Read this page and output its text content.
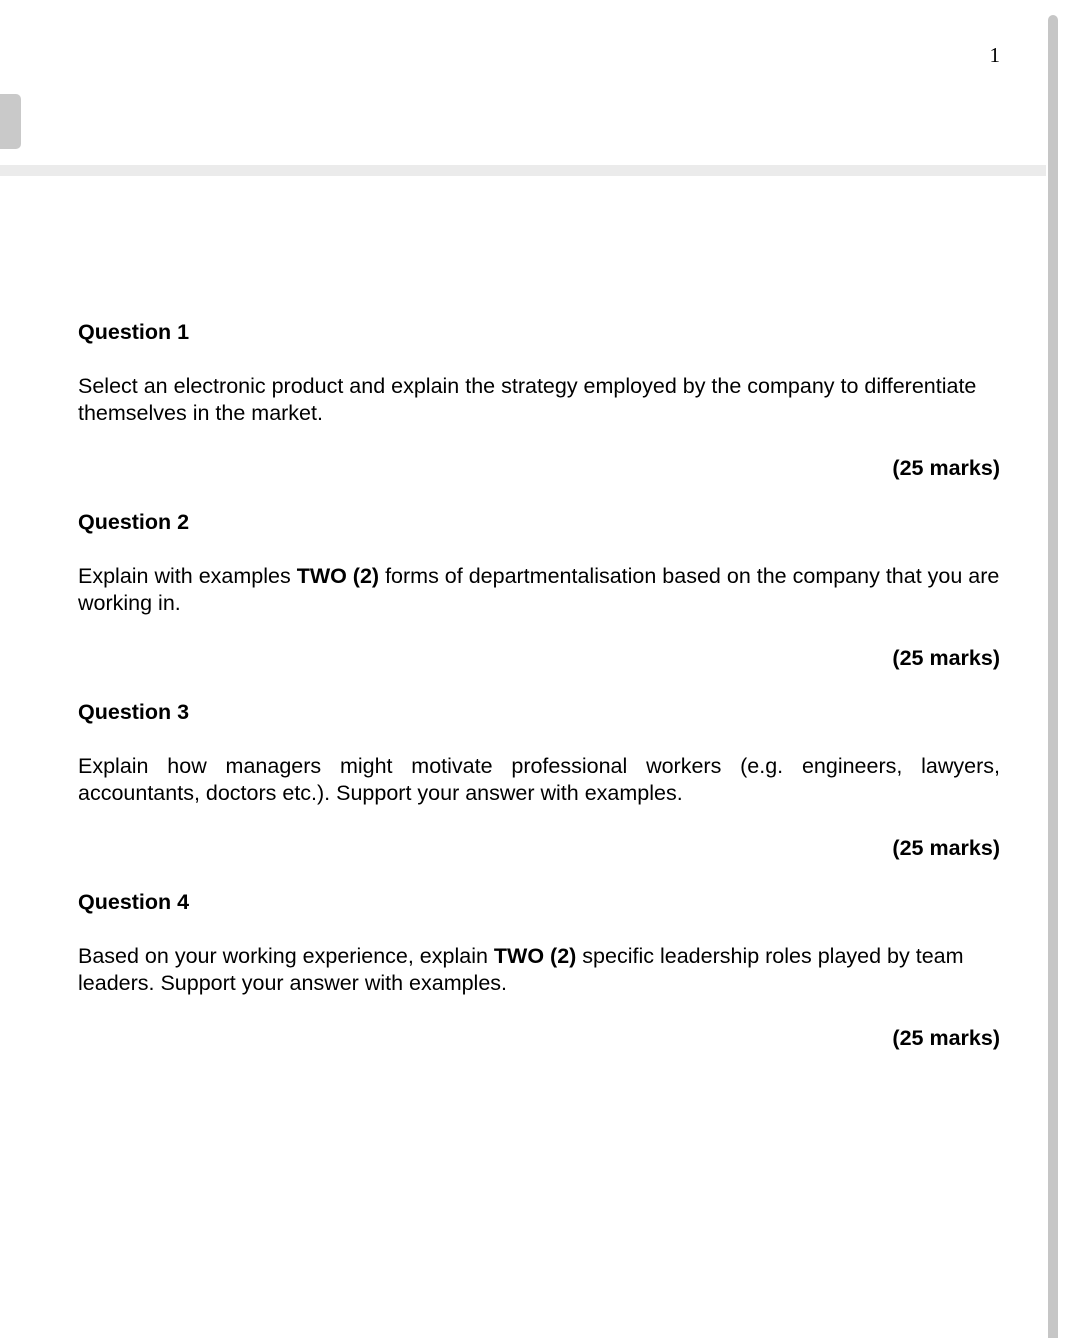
1

Question 1

Select an electronic product and explain the strategy employed by the company to differentiate themselves in the market.

(25 marks)

Question 2

Explain with examples TWO (2) forms of departmentalisation based on the company that you are working in.

(25 marks)

Question 3

Explain how managers might motivate professional workers (e.g. engineers, lawyers, accountants, doctors etc.). Support your answer with examples.

(25 marks)

Question 4

Based on your working experience, explain TWO (2) specific leadership roles played by team leaders. Support your answer with examples.

(25 marks)
